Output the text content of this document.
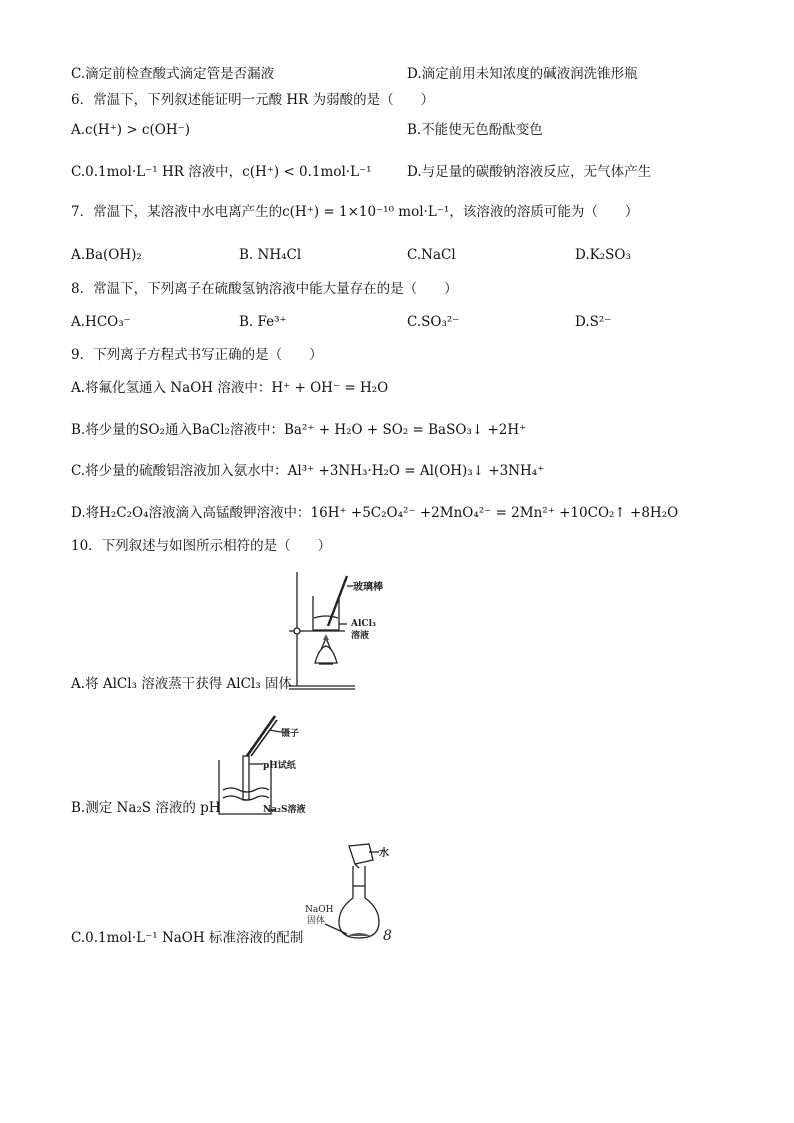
C.滴定前检查酸式滴定管是否漏液	D.滴定前用未知浓度的碱液润洗锥形瓶
6．常温下，下列叙述能证明一元酸 HR 为弱酸的是（　　）
A.c(H⁺) > c(OH⁻)	B.不能使无色酚酞变色
C.0.1mol·L⁻¹ HR 溶液中，c(H⁺) < 0.1mol·L⁻¹	D.与足量的碳酸钠溶液反应，无气体产生
7．常温下，某溶液中水电离产生的c(H⁺) = 1×10⁻¹⁰ mol·L⁻¹，该溶液的溶质可能为（　　）
A.Ba(OH)₂	B. NH₄Cl	C.NaCl	D.K₂SO₃
8．常温下，下列离子在硫酸氢钠溶液中能大量存在的是（　　）
A.HCO₃⁻	B. Fe³⁺	C.SO₃²⁻	D.S²⁻
9．下列离子方程式书写正确的是（　　）
A.将氟化氢通入 NaOH 溶液中：H⁺ + OH⁻ = H₂O
B.将少量的SO₂通入BaCl₂溶液中：Ba²⁺ + H₂O + SO₂ = BaSO₃↓ +2H⁺
C.将少量的硫酸铝溶液加入氨水中：Al³⁺ +3NH₃·H₂O = Al(OH)₃↓ +3NH₄⁺
D.将H₂C₂O₄溶液滴入高锰酸钾溶液中：16H⁺ +5C₂O₄²⁻ +2MnO₄²⁻ = 2Mn²⁺ +10CO₂↑ +8H₂O
10．下列叙述与如图所示相符的是（　　）
玻璃棒
AlCl₃
溶液
A.将 AlCl₃ 溶液蒸干获得 AlCl₃ 固体
镊子
pH试纸
Na₂S溶液
B.测定 Na₂S 溶液的 pH
水
NaOH
固体
8
C.0.1mol·L⁻¹ NaOH 标准溶液的配制
